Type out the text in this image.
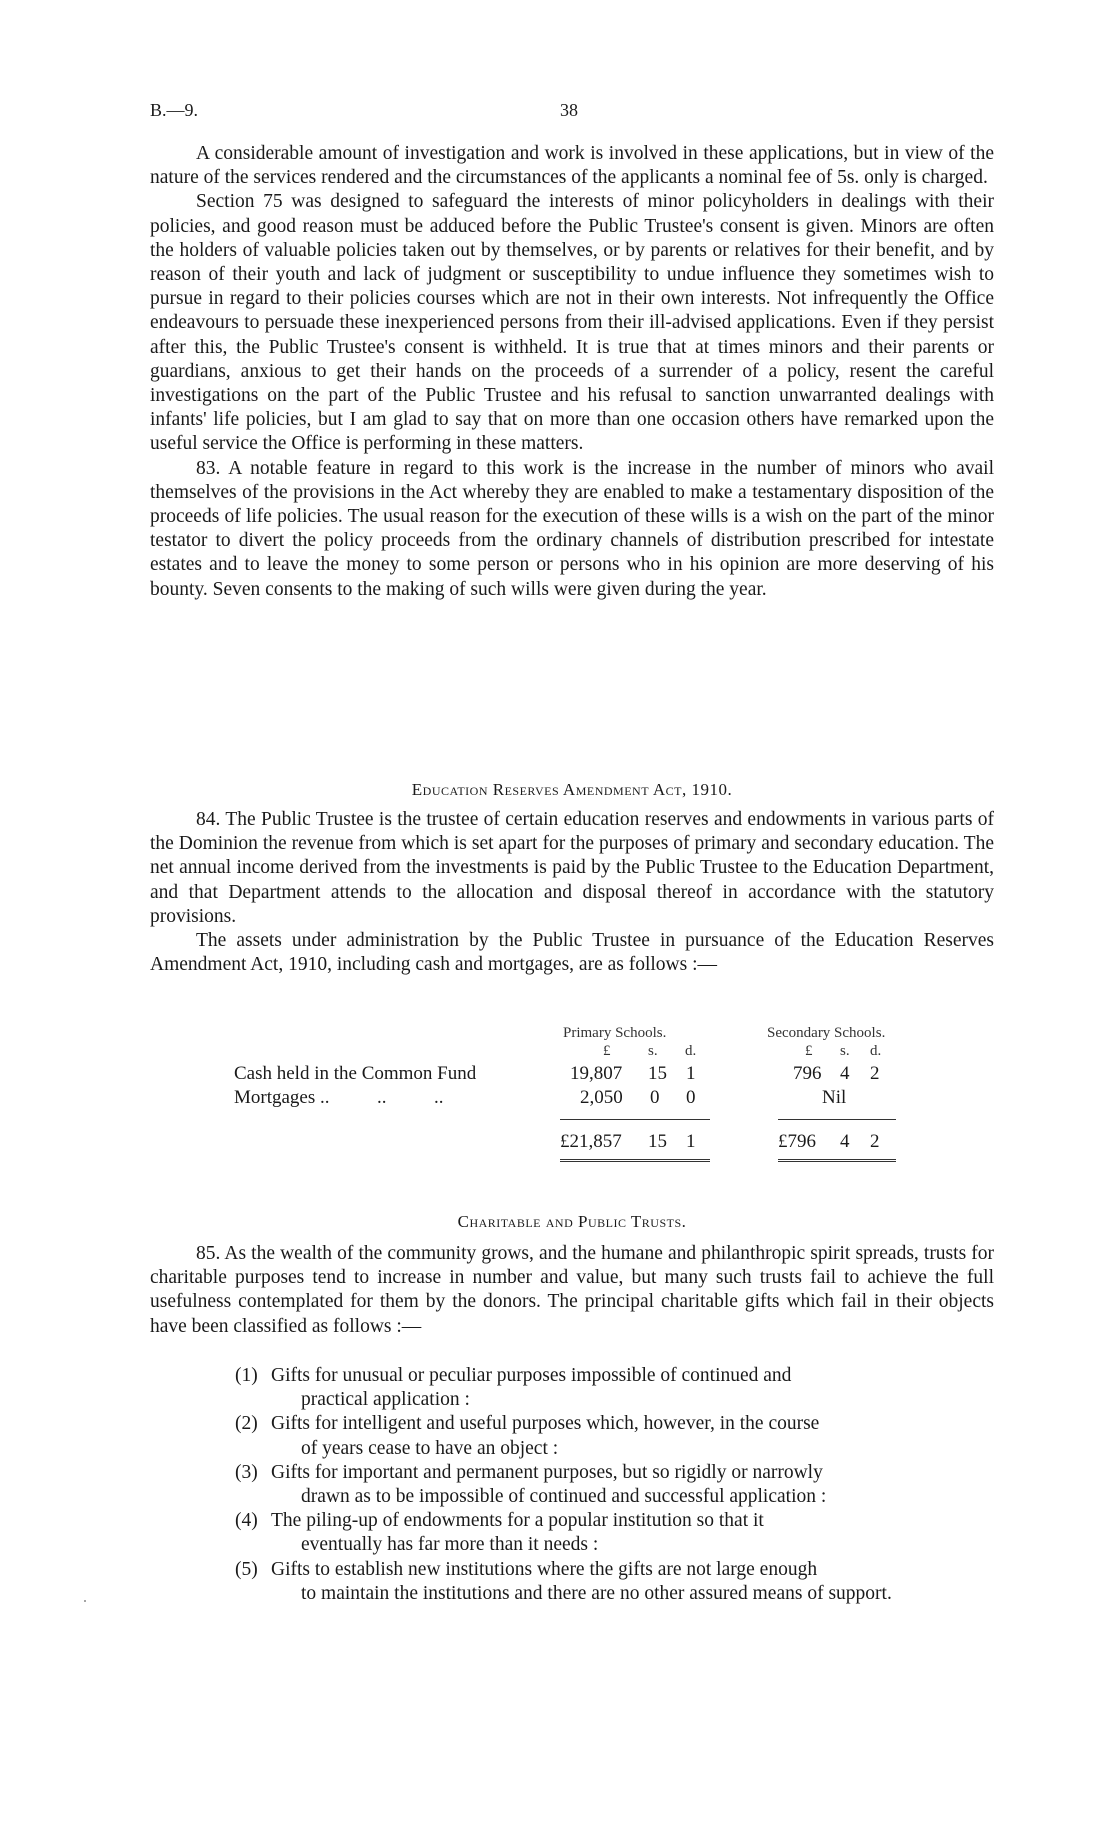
B.—9.	38

A considerable amount of investigation and work is involved in these applications, but in view of the nature of the services rendered and the circumstances of the applicants a nominal fee of 5s. only is charged.

Section 75 was designed to safeguard the interests of minor policyholders in dealings with their policies, and good reason must be adduced before the Public Trustee's consent is given. Minors are often the holders of valuable policies taken out by themselves, or by parents or relatives for their benefit, and by reason of their youth and lack of judgment or susceptibility to undue influence they sometimes wish to pursue in regard to their policies courses which are not in their own interests. Not infrequently the Office endeavours to persuade these inexperienced persons from their ill-advised applications. Even if they persist after this, the Public Trustee's consent is withheld. It is true that at times minors and their parents or guardians, anxious to get their hands on the proceeds of a surrender of a policy, resent the careful investigations on the part of the Public Trustee and his refusal to sanction unwarranted dealings with infants' life policies, but I am glad to say that on more than one occasion others have remarked upon the useful service the Office is performing in these matters.

83. A notable feature in regard to this work is the increase in the number of minors who avail themselves of the provisions in the Act whereby they are enabled to make a testamentary disposition of the proceeds of life policies. The usual reason for the execution of these wills is a wish on the part of the minor testator to divert the policy proceeds from the ordinary channels of distribution prescribed for intestate estates and to leave the money to some person or persons who in his opinion are more deserving of his bounty. Seven consents to the making of such wills were given during the year.

Education Reserves Amendment Act, 1910.

84. The Public Trustee is the trustee of certain education reserves and endowments in various parts of the Dominion the revenue from which is set apart for the purposes of primary and secondary education. The net annual income derived from the investments is paid by the Public Trustee to the Education Department, and that Department attends to the allocation and disposal thereof in accordance with the statutory provisions.

The assets under administration by the Public Trustee in pursuance of the Education Reserves Amendment Act, 1910, including cash and mortgages, are as follows :—

Primary Schools.	Secondary Schools.
£	s. d.	£ s. d.
Cash held in the Common Fund	19,807 15 1	796 4 2
Mortgages ..          ..          ..	2,050 0 0	Nil
£21,857 15 1	£796 4 2
Charitable and Public Trusts.

85. As the wealth of the community grows, and the humane and philanthropic spirit spreads, trusts for charitable purposes tend to increase in number and value, but many such trusts fail to achieve the full usefulness contemplated for them by the donors. The principal charitable gifts which fail in their objects have been classified as follows :—

(1) Gifts for unusual or peculiar purposes impossible of continued and
practical application :
(2) Gifts for intelligent and useful purposes which, however, in the course
of years cease to have an object :
(3) Gifts for important and permanent purposes, but so rigidly or narrowly
drawn as to be impossible of continued and successful application :
(4) The piling-up of endowments for a popular institution so that it
eventually has far more than it needs :
(5) Gifts to establish new institutions where the gifts are not large enough
to maintain the institutions and there are no other assured means of support.
